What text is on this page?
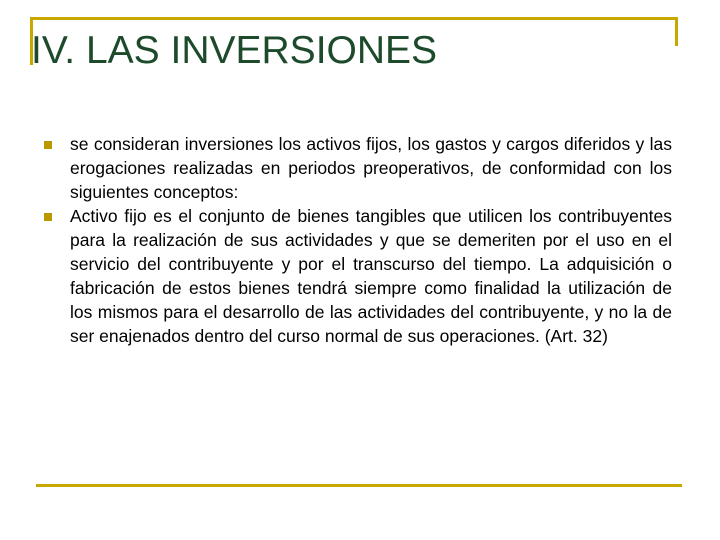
IV. LAS INVERSIONES
se consideran inversiones los activos fijos, los gastos y cargos diferidos y las erogaciones realizadas en periodos preoperativos, de conformidad con los siguientes conceptos:
Activo fijo es el conjunto de bienes tangibles que utilicen los contribuyentes para la realización de sus actividades y que se demeriten por el uso en el servicio del contribuyente y por el transcurso del tiempo. La adquisición o fabricación de estos bienes tendrá siempre como finalidad la utilización de los mismos para el desarrollo de las actividades del contribuyente, y no la de ser enajenados dentro del curso normal de sus operaciones. (Art. 32)
